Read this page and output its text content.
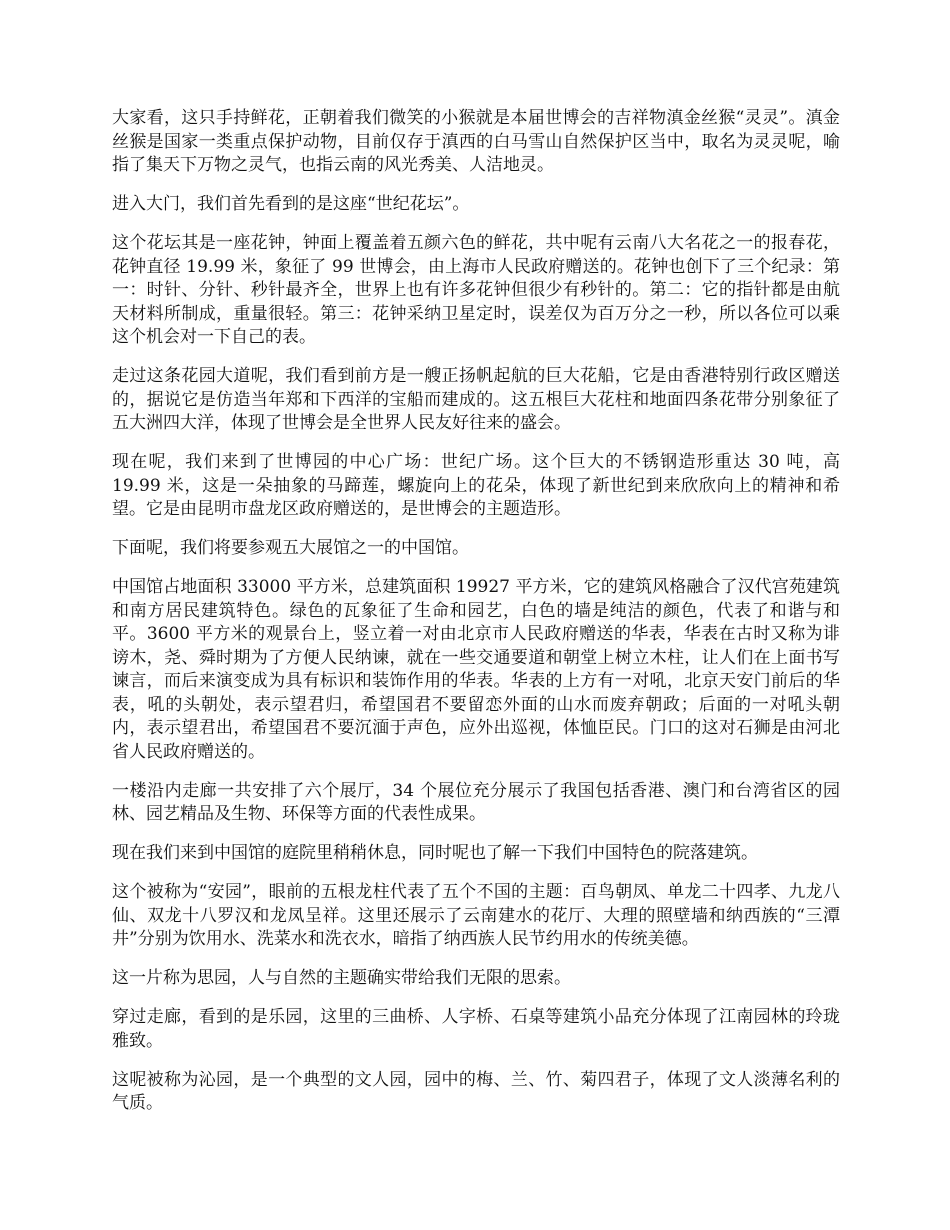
大家看，这只手持鲜花，正朝着我们微笑的小猴就是本届世博会的吉祥物滇金丝猴“灵灵”。滇金丝猴是国家一类重点保护动物，目前仅存于滇西的白马雪山自然保护区当中，取名为灵灵呢，喻指了集天下万物之灵气，也指云南的风光秀美、人洁地灵。

进入大门，我们首先看到的是这座“世纪花坛”。

这个花坛其是一座花钟，钟面上覆盖着五颜六色的鲜花，共中呢有云南八大名花之一的报春花，花钟直径 19.99 米，象征了 99 世博会，由上海市人民政府赠送的。花钟也创下了三个纪录：第一：时针、分针、秒针最齐全，世界上也有许多花钟但很少有秒针的。第二：它的指针都是由航天材料所制成，重量很轻。第三：花钟采纳卫星定时，误差仅为百万分之一秒，所以各位可以乘这个机会对一下自己的表。

走过这条花园大道呢，我们看到前方是一艘正扬帆起航的巨大花船，它是由香港特别行政区赠送的，据说它是仿造当年郑和下西洋的宝船而建成的。这五根巨大花柱和地面四条花带分别象征了五大洲四大洋，体现了世博会是全世界人民友好往来的盛会。

现在呢，我们来到了世博园的中心广场：世纪广场。这个巨大的不锈钢造形重达 30 吨，高 19.99 米，这是一朵抽象的马蹄莲，螺旋向上的花朵，体现了新世纪到来欣欣向上的精神和希望。它是由昆明市盘龙区政府赠送的，是世博会的主题造形。

下面呢，我们将要参观五大展馆之一的中国馆。

中国馆占地面积 33000 平方米，总建筑面积 19927 平方米，它的建筑风格融合了汉代宫苑建筑和南方居民建筑特色。绿色的瓦象征了生命和园艺，白色的墙是纯洁的颜色，代表了和谐与和平。3600 平方米的观景台上，竖立着一对由北京市人民政府赠送的华表，华表在古时又称为诽谤木，尧、舜时期为了方便人民纳谏，就在一些交通要道和朝堂上树立木柱，让人们在上面书写谏言，而后来演变成为具有标识和装饰作用的华表。华表的上方有一对吼，北京天安门前后的华表，吼的头朝处，表示望君归，希望国君不要留恋外面的山水而废弃朝政；后面的一对吼头朝内，表示望君出，希望国君不要沉湎于声色，应外出巡视，体恤臣民。门口的这对石狮是由河北省人民政府赠送的。

一楼沿内走廊一共安排了六个展厅，34 个展位充分展示了我国包括香港、澳门和台湾省区的园林、园艺精品及生物、环保等方面的代表性成果。

现在我们来到中国馆的庭院里稍稍休息，同时呢也了解一下我们中国特色的院落建筑。

这个被称为“安园”，眼前的五根龙柱代表了五个不国的主题：百鸟朝凤、单龙二十四孝、九龙八仙、双龙十八罗汉和龙凤呈祥。这里还展示了云南建水的花厅、大理的照壁墙和纳西族的“三潭井”分别为饮用水、洗菜水和洗衣水，暗指了纳西族人民节约用水的传统美德。

这一片称为思园，人与自然的主题确实带给我们无限的思索。

穿过走廊，看到的是乐园，这里的三曲桥、人字桥、石桌等建筑小品充分体现了江南园林的玲珑雅致。

这呢被称为沁园，是一个典型的文人园，园中的梅、兰、竹、菊四君子，体现了文人淡薄名利的气质。
